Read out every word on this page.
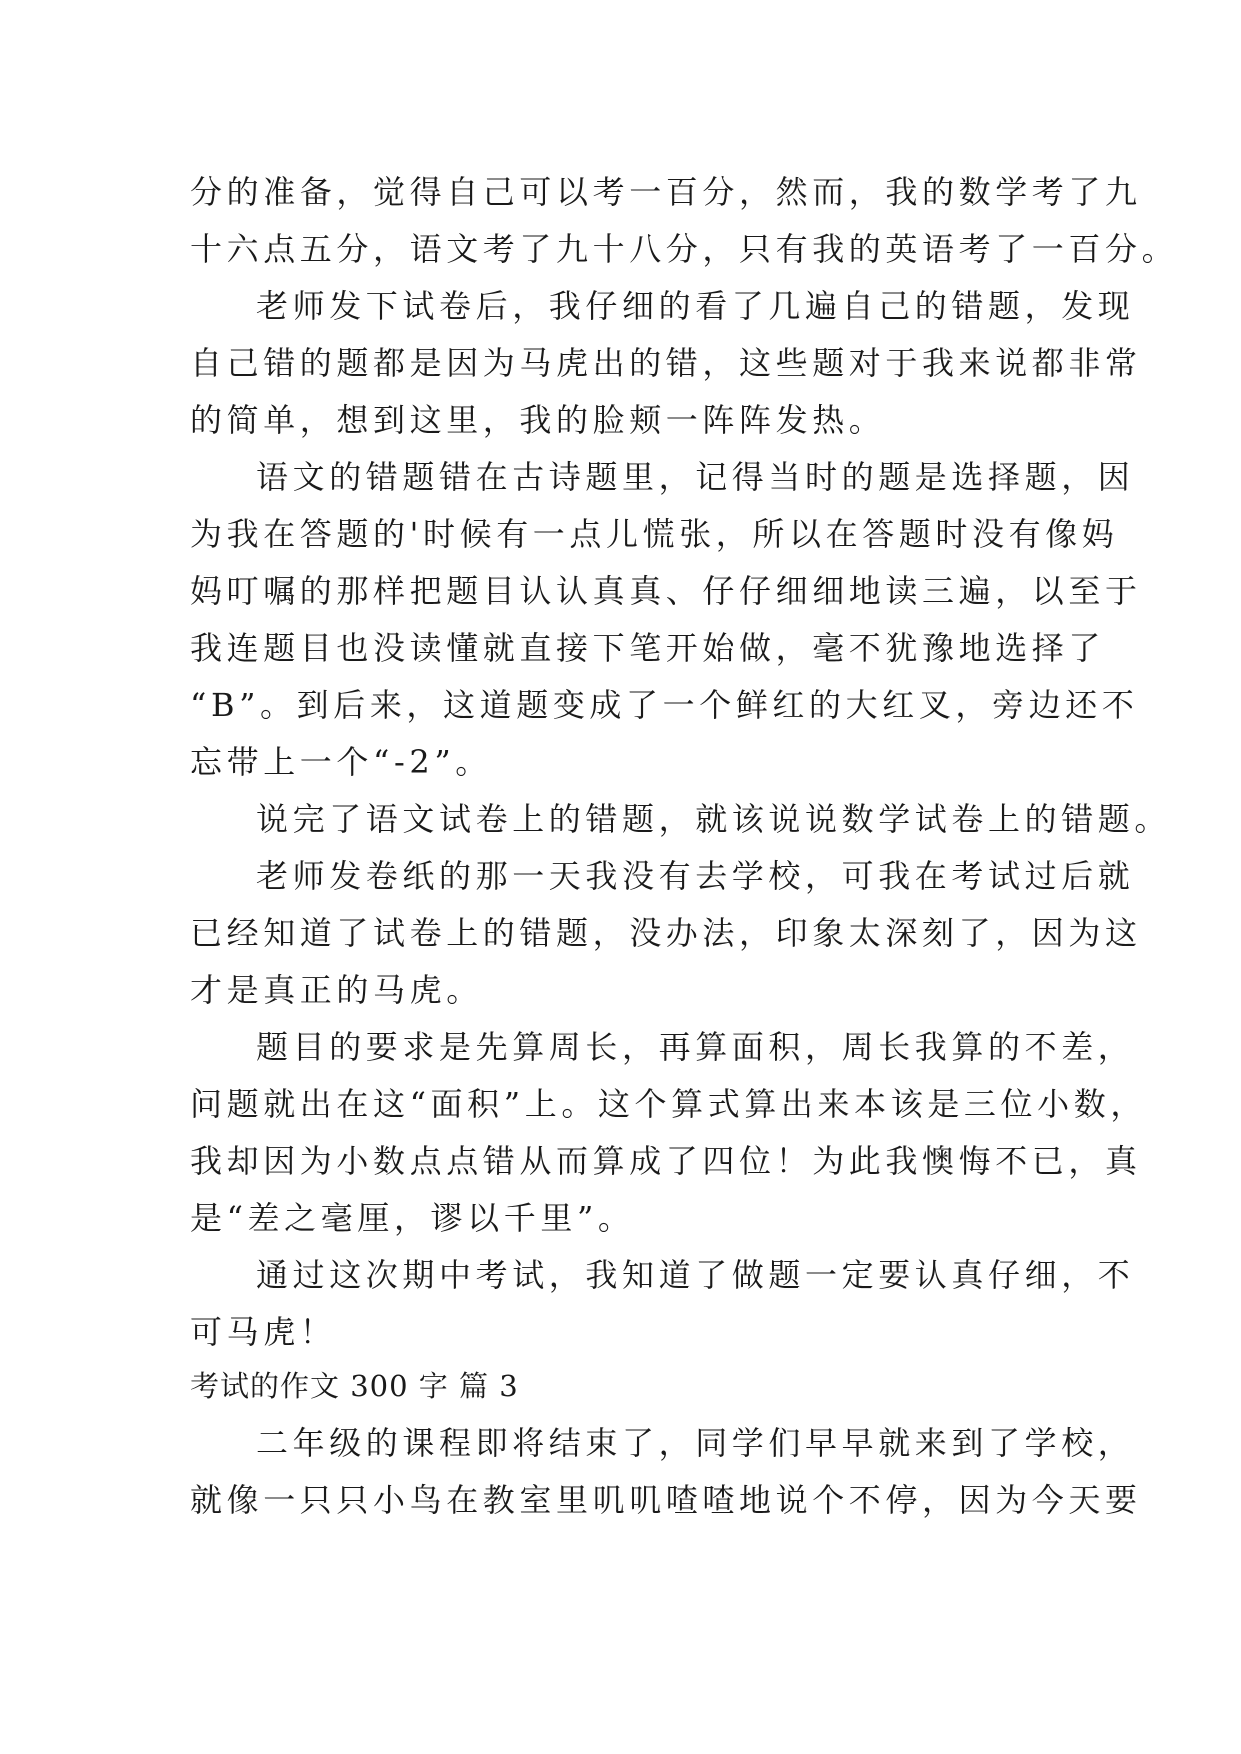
分的准备，觉得自己可以考一百分，然而，我的数学考了九
十六点五分，语文考了九十八分，只有我的英语考了一百分。
老师发下试卷后，我仔细的看了几遍自己的错题，发现
自己错的题都是因为马虎出的错，这些题对于我来说都非常
的简单，想到这里，我的脸颊一阵阵发热。
语文的错题错在古诗题里，记得当时的题是选择题，因
为我在答题的'时候有一点儿慌张，所以在答题时没有像妈
妈叮嘱的那样把题目认认真真、仔仔细细地读三遍，以至于
我连题目也没读懂就直接下笔开始做，毫不犹豫地选择了
“B”。到后来，这道题变成了一个鲜红的大红叉，旁边还不
忘带上一个“-2”。
说完了语文试卷上的错题，就该说说数学试卷上的错题。
老师发卷纸的那一天我没有去学校，可我在考试过后就
已经知道了试卷上的错题，没办法，印象太深刻了，因为这
才是真正的马虎。
题目的要求是先算周长，再算面积，周长我算的不差，
问题就出在这“面积”上。这个算式算出来本该是三位小数，
我却因为小数点点错从而算成了四位！为此我懊悔不已，真
是“差之毫厘，谬以千里”。
通过这次期中考试，我知道了做题一定要认真仔细，不
可马虎！
考试的作文 300 字 篇 3
二年级的课程即将结束了，同学们早早就来到了学校，
就像一只只小鸟在教室里叽叽喳喳地说个不停，因为今天要
